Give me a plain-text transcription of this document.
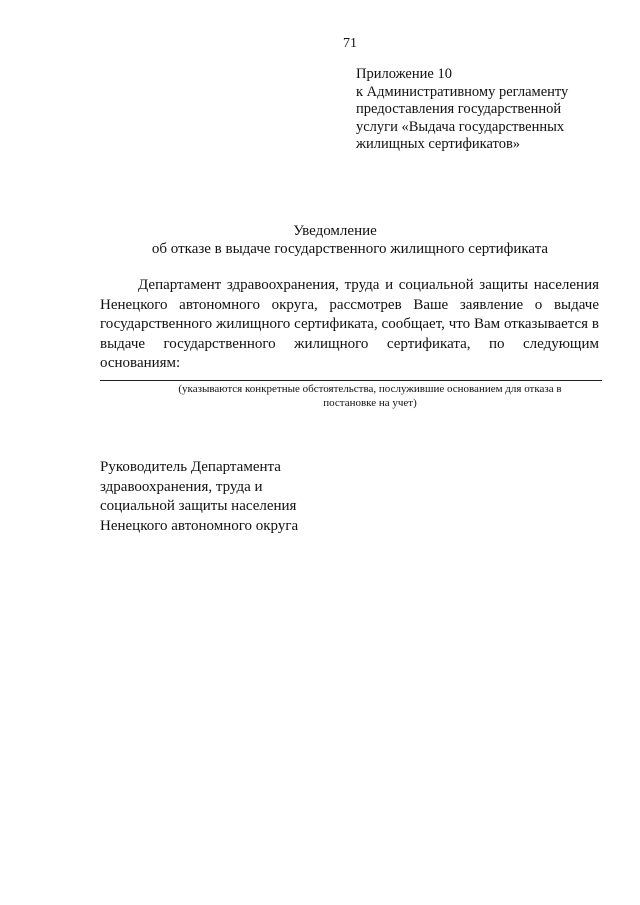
71
Приложение 10
к Административному регламенту
предоставления государственной
услуги «Выдача государственных
жилищных сертификатов»
Уведомление
об отказе в выдаче государственного жилищного сертификата
Департамент здравоохранения, труда и социальной защиты населения Ненецкого автономного округа, рассмотрев Ваше заявление о выдаче государственного жилищного сертификата, сообщает, что Вам отказывается в выдаче государственного жилищного сертификата, по следующим основаниям:
(указываются конкретные обстоятельства, послужившие основанием для отказа в
постановке на учет)
Руководитель Департамента
здравоохранения, труда и
социальной защиты населения
Ненецкого автономного округа
